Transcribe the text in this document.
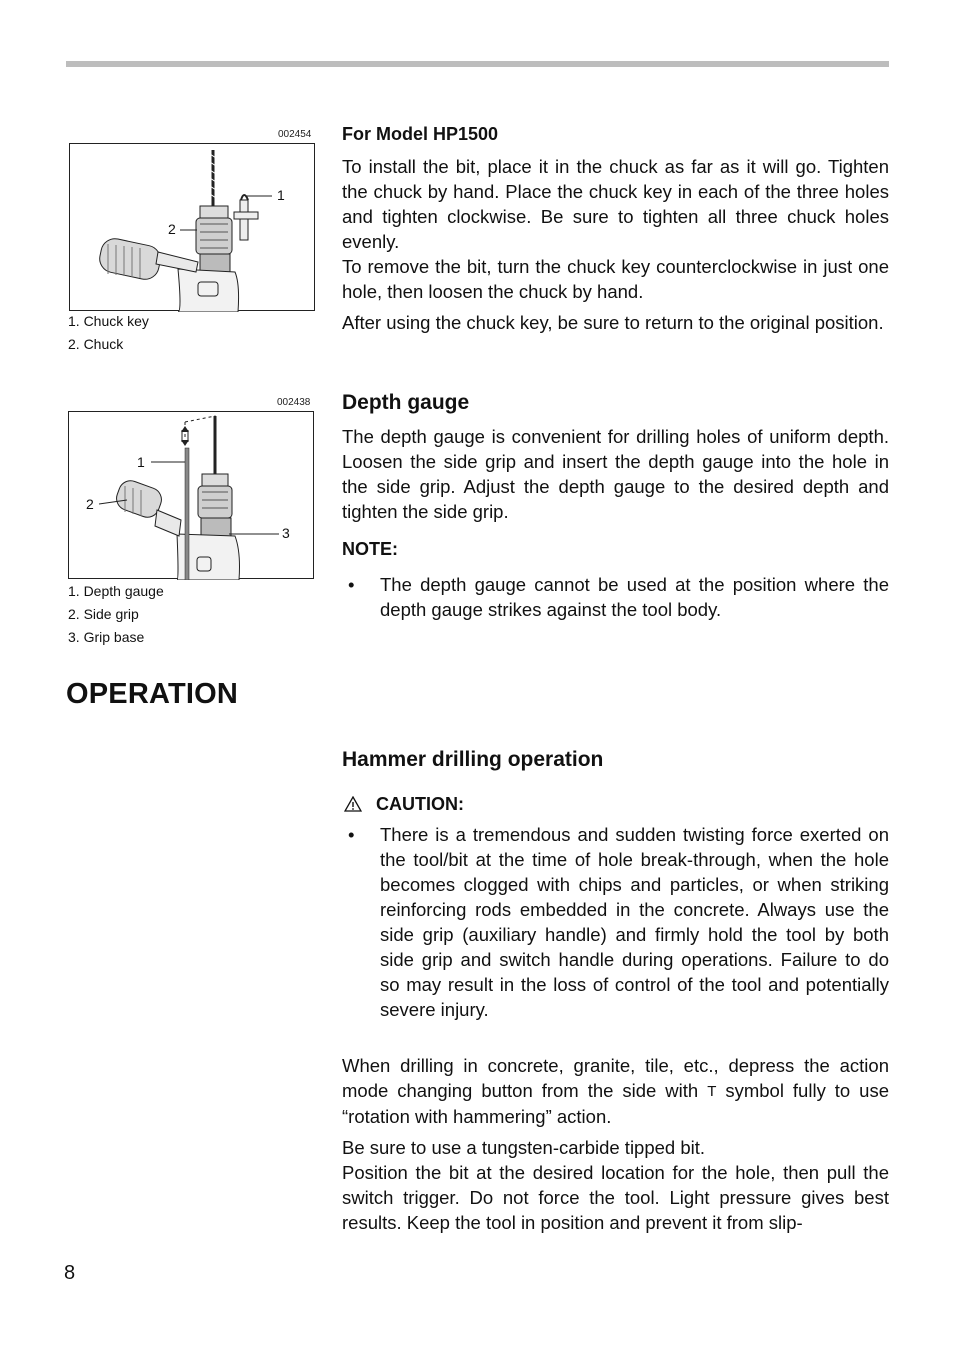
002454
1
2
1. Chuck key
2. Chuck
002438
1
2
3
1. Depth gauge
2. Side grip
3. Grip base
OPERATION
For Model HP1500

To install the bit, place it in the chuck as far as it will go. Tighten the chuck by hand. Place the chuck key in each of the three holes and tighten clockwise. Be sure to tighten all three chuck holes evenly.

To remove the bit, turn the chuck key counterclockwise in just one hole, then loosen the chuck by hand.

After using the chuck key, be sure to return to the original position.

Depth gauge

The depth gauge is convenient for drilling holes of uniform depth. Loosen the side grip and insert the depth gauge into the hole in the side grip. Adjust the depth gauge to the desired depth and tighten the side grip.

NOTE:
• The depth gauge cannot be used at the position where the depth gauge strikes against the tool body.
Hammer drilling operation
CAUTION:
• There is a tremendous and sudden twisting force exerted on the tool/bit at the time of hole break-through, when the hole becomes clogged with chips and particles, or when striking reinforcing rods embedded in the concrete. Always use the side grip (auxiliary handle) and firmly hold the tool by both side grip and switch handle during operations. Failure to do so may result in the loss of control of the tool and potentially severe injury.

When drilling in concrete, granite, tile, etc., depress the action mode changing button from the side with T symbol fully to use “rotation with hammering” action.

Be sure to use a tungsten-carbide tipped bit.

Position the bit at the desired location for the hole, then pull the switch trigger. Do not force the tool. Light pressure gives best results. Keep the tool in position and prevent it from slip-

8
